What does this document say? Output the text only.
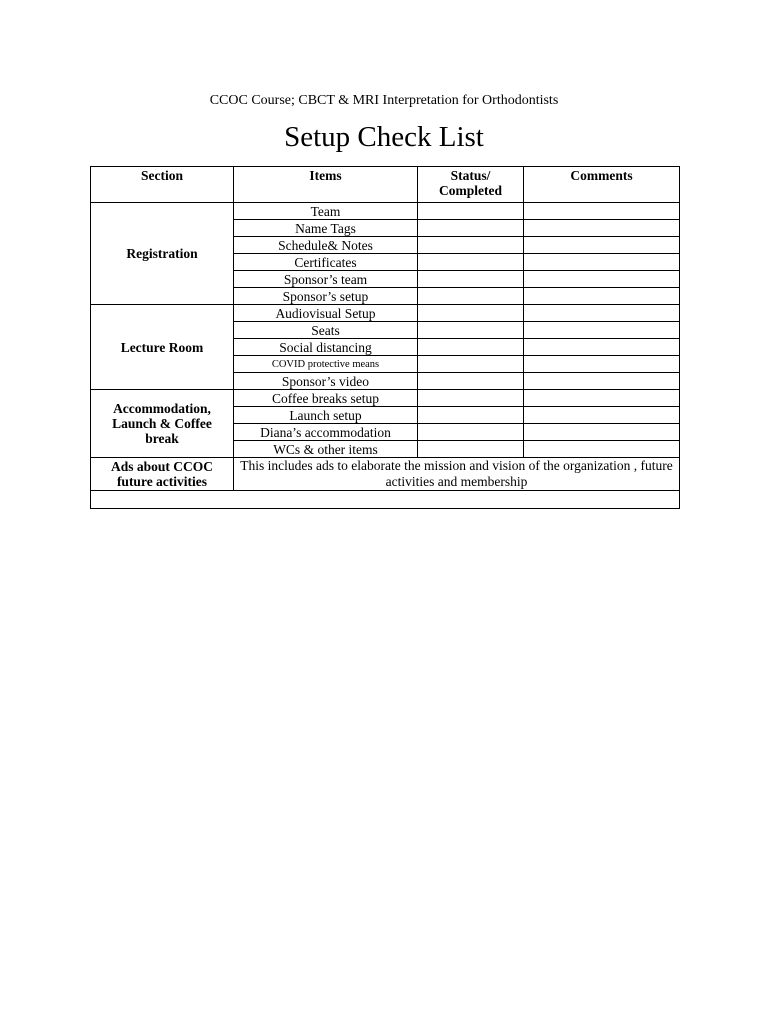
CCOC Course; CBCT & MRI Interpretation for Orthodontists
Setup Check List
Section	Items	Status/ Completed	Comments
Registration	Team		
	Name Tags		
	Schedule& Notes		
	Certificates		
	Sponsor’s team		
	Sponsor’s setup		
Lecture Room	Audiovisual Setup		
	Seats		
	Social distancing		
	COVID protective means		
	Sponsor’s video		
Accommodation, Launch & Coffee break	Coffee breaks setup		
	Launch setup		
	Diana’s accommodation		
	WCs & other items		
Ads about CCOC future activities	This includes ads to elaborate the mission and vision of the organization , future activities and membership		
